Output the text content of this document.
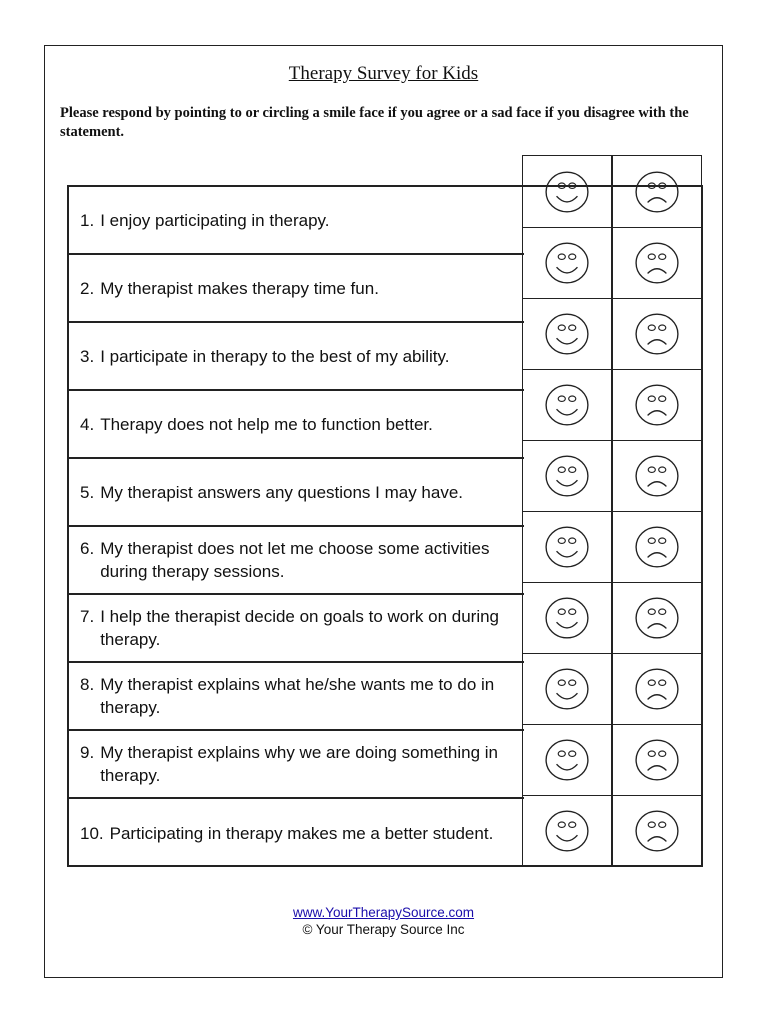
Therapy Survey for Kids
Please respond by pointing to or circling a smile face if you agree or a sad face if you disagree with the statement.
1. I enjoy participating in therapy.
2. My therapist makes therapy time fun.
3. I participate in therapy to the best of my ability.
4. Therapy does not help me to function better.
5. My therapist answers any questions I may have.
6. My therapist does not let me choose some activities during therapy sessions.
7. I help the therapist decide on goals to work on during therapy.
8. My therapist explains what he/she wants me to do in therapy.
9. My therapist explains why we are doing something in therapy.
10. Participating in therapy makes me a better student.
www.YourTherapySource.com
© Your Therapy Source Inc
